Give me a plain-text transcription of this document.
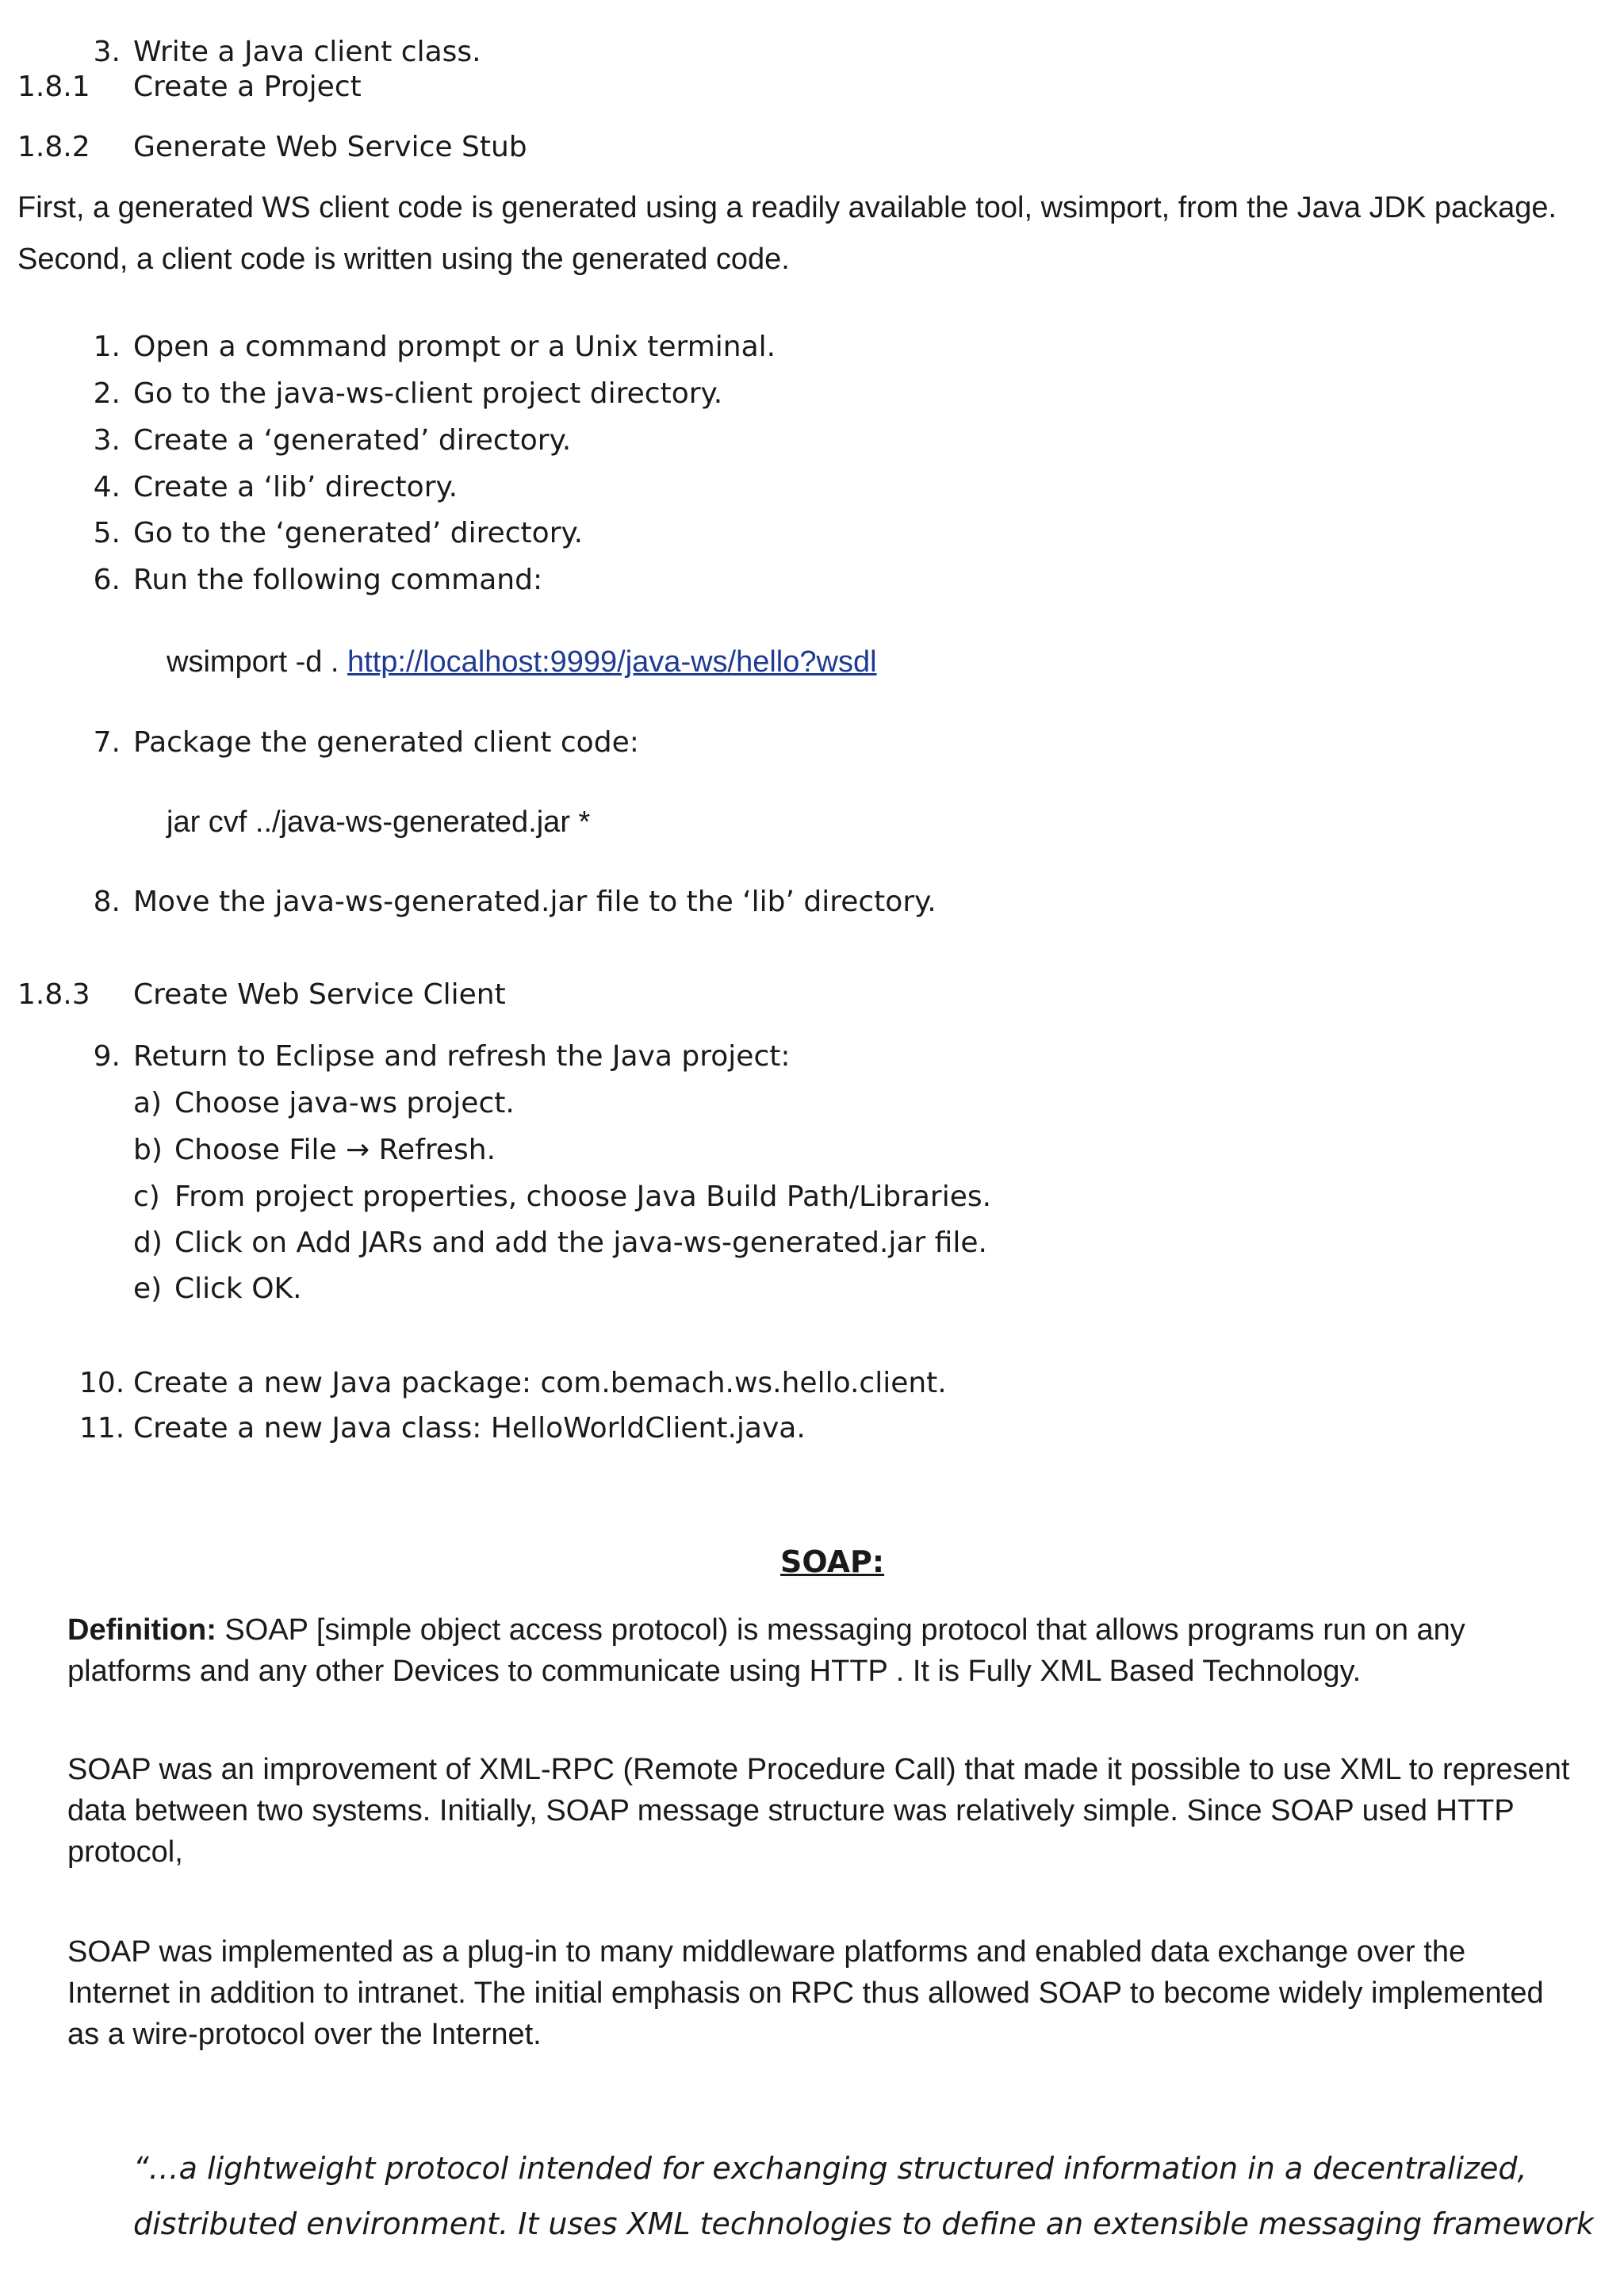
3. Write a Java client class.
1.8.1 Create a Project
1.8.2 Generate Web Service Stub
First, a generated WS client code is generated using a readily available tool, wsimport, from the Java JDK package.
Second, a client code is written using the generated code.
1. Open a command prompt or a Unix terminal.
2. Go to the java-ws-client project directory.
3. Create a ‘generated’ directory.
4. Create a ‘lib’ directory.
5. Go to the ‘generated’ directory.
6. Run the following command:
wsimport -d . http://localhost:9999/java-ws/hello?wsdl
7. Package the generated client code:
jar cvf ../java-ws-generated.jar *
8. Move the java-ws-generated.jar file to the ‘lib’ directory.
1.8.3 Create Web Service Client
9. Return to Eclipse and refresh the Java project:
a) Choose java-ws project.
b) Choose File → Refresh.
c) From project properties, choose Java Build Path/Libraries.
d) Click on Add JARs and add the java-ws-generated.jar file.
e) Click OK.
10. Create a new Java package: com.bemach.ws.hello.client.
11. Create a new Java class: HelloWorldClient.java.
SOAP:
Definition: SOAP [simple object access protocol) is messaging protocol that allows programs run on any
platforms and any other Devices to communicate using HTTP . It is Fully XML Based Technology.
SOAP was an improvement of XML-RPC (Remote Procedure Call) that made it possible to use XML to represent
data between two systems. Initially, SOAP message structure was relatively simple. Since SOAP used HTTP
protocol,
SOAP was implemented as a plug-in to many middleware platforms and enabled data exchange over the
Internet in addition to intranet. The initial emphasis on RPC thus allowed SOAP to become widely implemented
as a wire-protocol over the Internet.
“…a lightweight protocol intended for exchanging structured information in a decentralized,
distributed environment. It uses XML technologies to define an extensible messaging framework
